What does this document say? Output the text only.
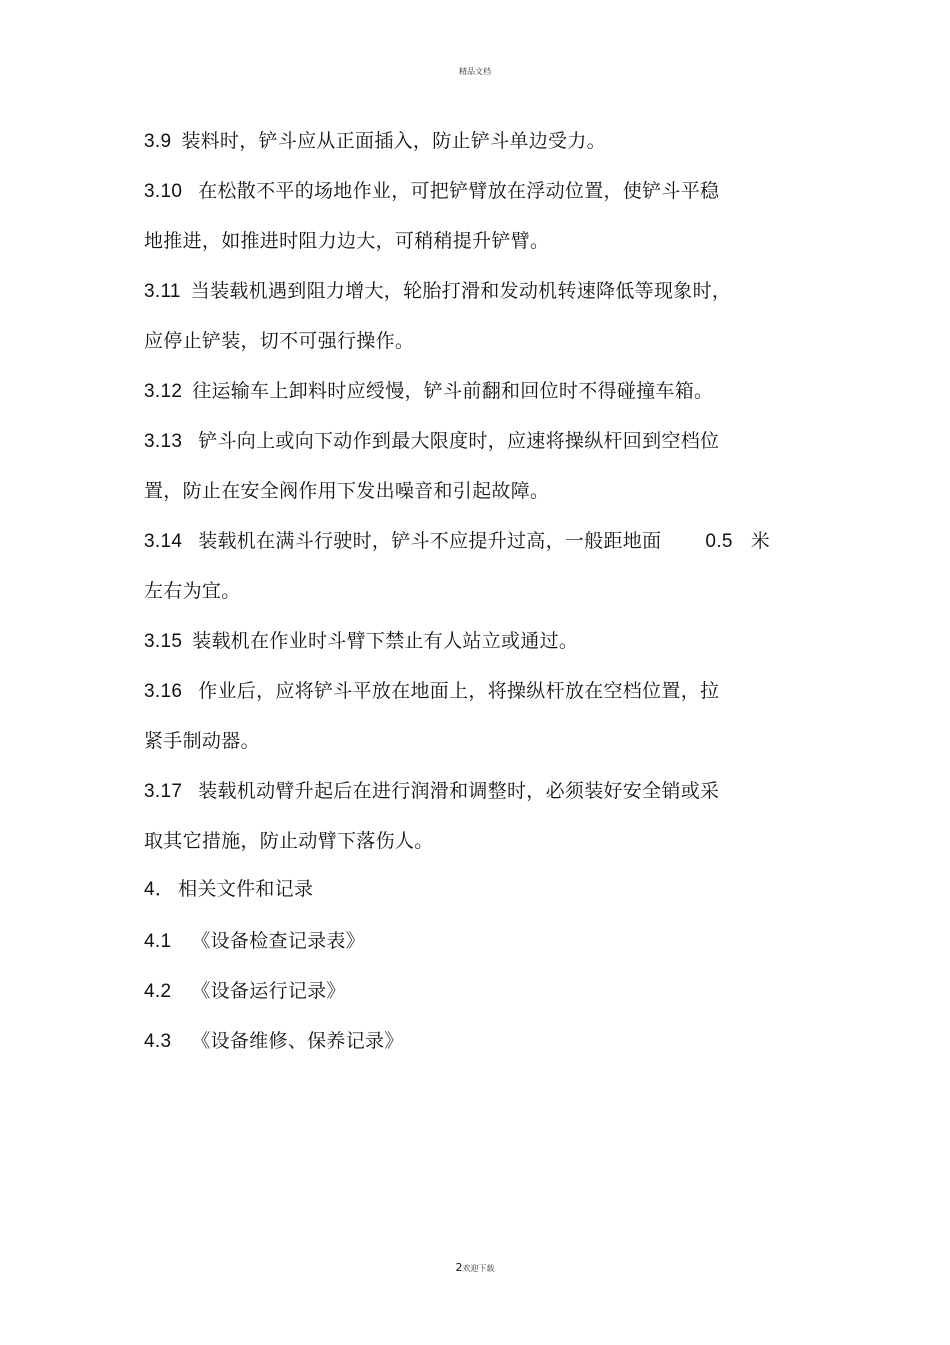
精品文档
3.9 装料时，铲斗应从正面插入，防止铲斗单边受力。
3.10 在松散不平的场地作业，可把铲臂放在浮动位置，使铲斗平稳
地推进，如推进时阻力边大，可稍稍提升铲臂。
3.11 当装载机遇到阻力增大，轮胎打滑和发动机转速降低等现象时，
应停止铲装，切不可强行操作。
3.12 往运输车上卸料时应绶慢，铲斗前翻和回位时不得碰撞车箱。
3.13 铲斗向上或向下动作到最大限度时，应速将操纵杆回到空档位
置，防止在安全阀作用下发出噪音和引起故障。
3.14 装载机在满斗行驶时，铲斗不应提升过高，一般距地面 0.5 米
左右为宜。
3.15 装载机在作业时斗臂下禁止有人站立或通过。
3.16 作业后，应将铲斗平放在地面上，将操纵杆放在空档位置，拉
紧手制动器。
3.17 装载机动臂升起后在进行润滑和调整时，必须装好安全销或采
取其它措施，防止动臂下落伤人。
4． 相关文件和记录
4.1 《设备检查记录表》
4.2 《设备运行记录》
4.3 《设备维修、保养记录》
2欢迎下载
